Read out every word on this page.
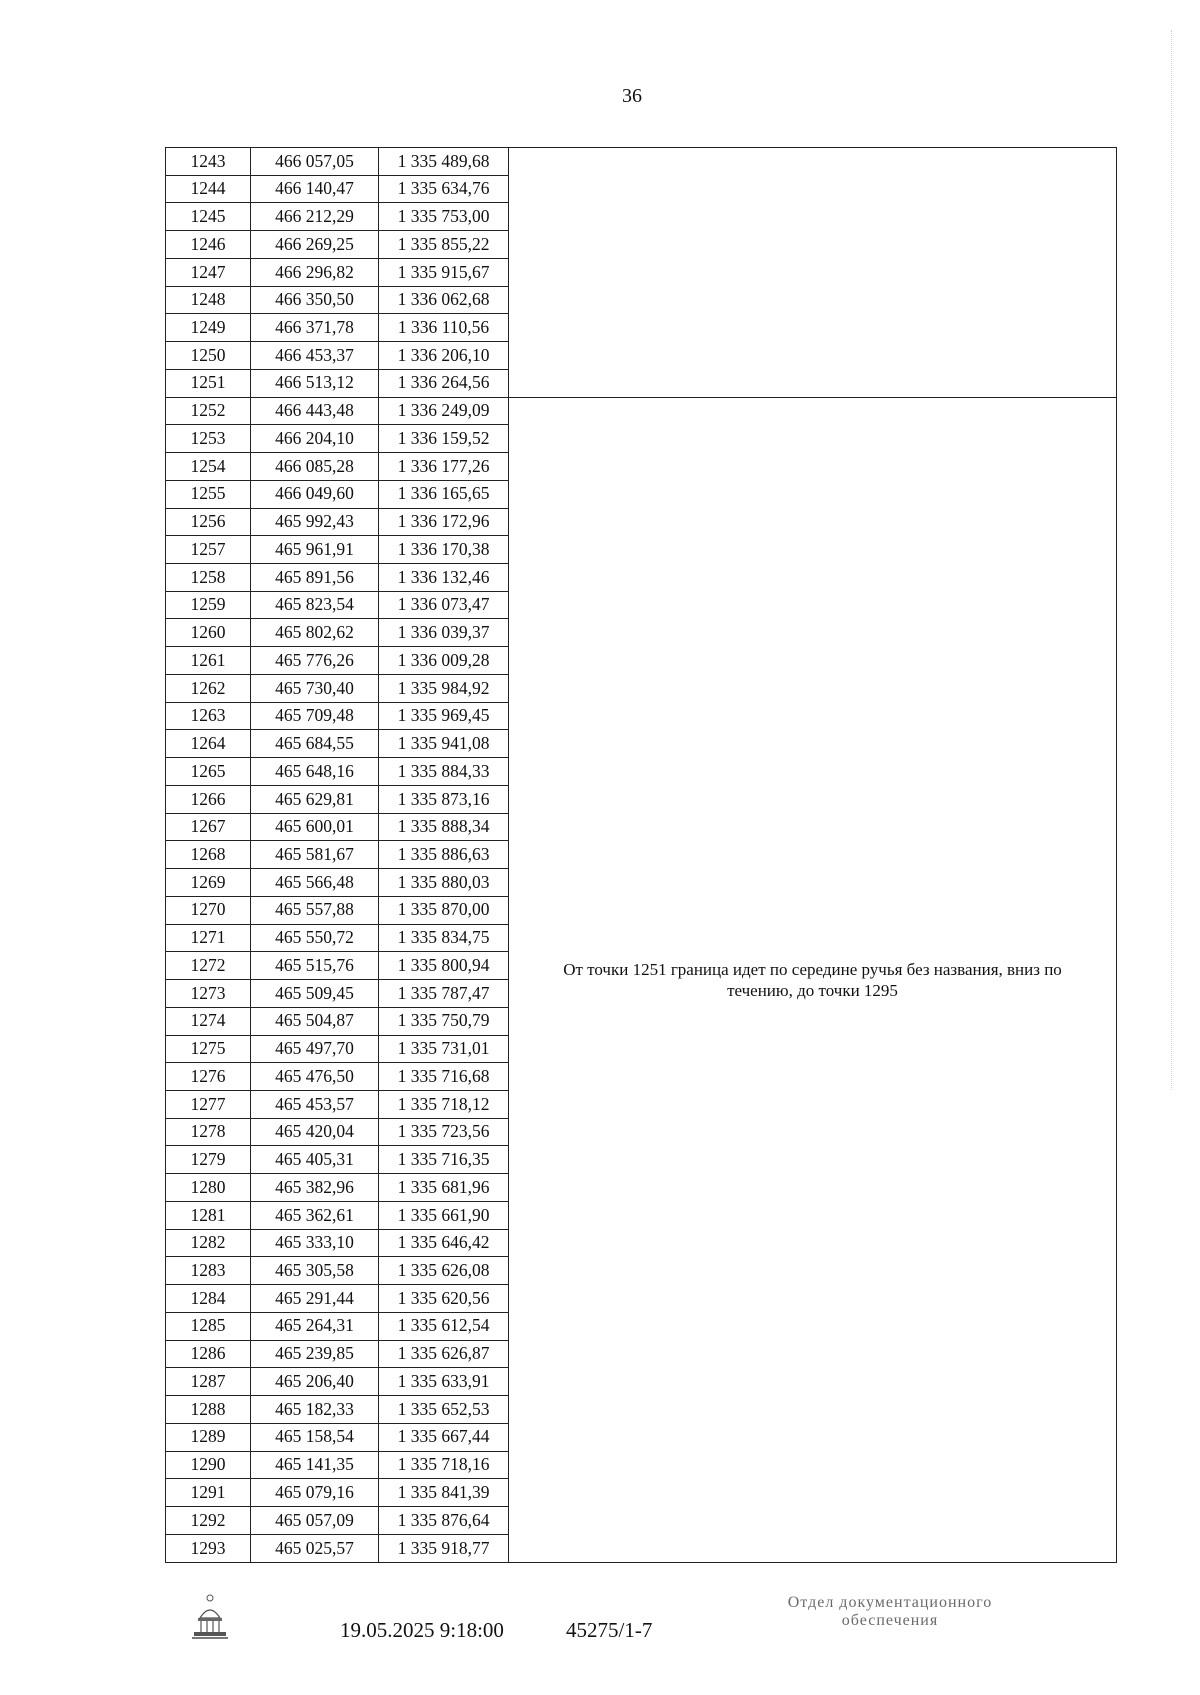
36
1243	466 057,05	1 335 489,68	
1244	466 140,47	1 335 634,76	
1245	466 212,29	1 335 753,00	
1246	466 269,25	1 335 855,22	
1247	466 296,82	1 335 915,67	
1248	466 350,50	1 336 062,68	
1249	466 371,78	1 336 110,56	
1250	466 453,37	1 336 206,10	
1251	466 513,12	1 336 264,56	
1252	466 443,48	1 336 249,09	От точки 1251 граница идет по середине ручья без названия, вниз по течению, до точки 1295
1253	466 204,10	1 336 159,52	
1254	466 085,28	1 336 177,26	
1255	466 049,60	1 336 165,65	
1256	465 992,43	1 336 172,96	
1257	465 961,91	1 336 170,38	
1258	465 891,56	1 336 132,46	
1259	465 823,54	1 336 073,47	
1260	465 802,62	1 336 039,37	
1261	465 776,26	1 336 009,28	
1262	465 730,40	1 335 984,92	
1263	465 709,48	1 335 969,45	
1264	465 684,55	1 335 941,08	
1265	465 648,16	1 335 884,33	
1266	465 629,81	1 335 873,16	
1267	465 600,01	1 335 888,34	
1268	465 581,67	1 335 886,63	
1269	465 566,48	1 335 880,03	
1270	465 557,88	1 335 870,00	
1271	465 550,72	1 335 834,75	
1272	465 515,76	1 335 800,94	
1273	465 509,45	1 335 787,47	
1274	465 504,87	1 335 750,79	
1275	465 497,70	1 335 731,01	
1276	465 476,50	1 335 716,68	
1277	465 453,57	1 335 718,12	
1278	465 420,04	1 335 723,56	
1279	465 405,31	1 335 716,35	
1280	465 382,96	1 335 681,96	
1281	465 362,61	1 335 661,90	
1282	465 333,10	1 335 646,42	
1283	465 305,58	1 335 626,08	
1284	465 291,44	1 335 620,56	
1285	465 264,31	1 335 612,54	
1286	465 239,85	1 335 626,87	
1287	465 206,40	1 335 633,91	
1288	465 182,33	1 335 652,53	
1289	465 158,54	1 335 667,44	
1290	465 141,35	1 335 718,16	
1291	465 079,16	1 335 841,39	
1292	465 057,09	1 335 876,64	
1293	465 025,57	1 335 918,77	
19.05.2025 9:18:00	45275/1-7
Отдел документационного
обеспечения
